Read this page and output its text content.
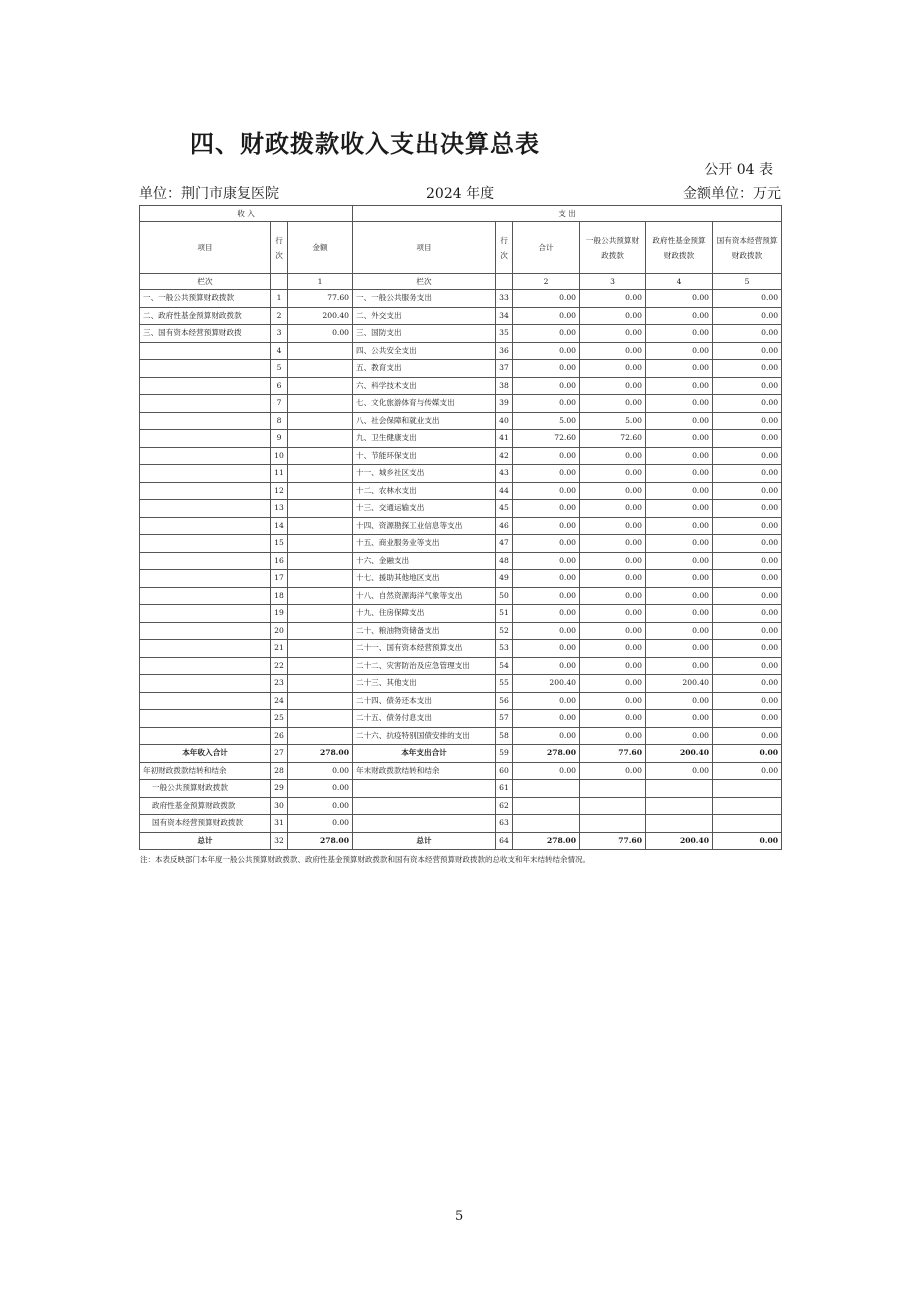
四、财政拨款收入支出决算总表
公开 04 表
单位：荆门市康复医院	2024 年度	金额单位：万元
收 入			支 出					
项目	行次	金额	项目	行次	合计	一般公共预算财政拨款	政府性基金预算财政拨款	国有资本经营预算财政拨款
栏次		1	栏次		2	3	4	5
一、一般公共预算财政拨款	1	77.60	一、一般公共服务支出	33	0.00	0.00	0.00	0.00
二、政府性基金预算财政拨款	2	200.40	二、外交支出	34	0.00	0.00	0.00	0.00
三、国有资本经营预算财政拨	3	0.00	三、国防支出	35	0.00	0.00	0.00	0.00
	4		四、公共安全支出	36	0.00	0.00	0.00	0.00
	5		五、教育支出	37	0.00	0.00	0.00	0.00
	6		六、科学技术支出	38	0.00	0.00	0.00	0.00
	7		七、文化旅游体育与传媒支出	39	0.00	0.00	0.00	0.00
	8		八、社会保障和就业支出	40	5.00	5.00	0.00	0.00
	9		九、卫生健康支出	41	72.60	72.60	0.00	0.00
	10		十、节能环保支出	42	0.00	0.00	0.00	0.00
	11		十一、城乡社区支出	43	0.00	0.00	0.00	0.00
	12		十二、农林水支出	44	0.00	0.00	0.00	0.00
	13		十三、交通运输支出	45	0.00	0.00	0.00	0.00
	14		十四、资源勘探工业信息等支出	46	0.00	0.00	0.00	0.00
	15		十五、商业服务业等支出	47	0.00	0.00	0.00	0.00
	16		十六、金融支出	48	0.00	0.00	0.00	0.00
	17		十七、援助其他地区支出	49	0.00	0.00	0.00	0.00
	18		十八、自然资源海洋气象等支出	50	0.00	0.00	0.00	0.00
	19		十九、住房保障支出	51	0.00	0.00	0.00	0.00
	20		二十、粮油物资储备支出	52	0.00	0.00	0.00	0.00
	21		二十一、国有资本经营预算支出	53	0.00	0.00	0.00	0.00
	22		二十二、灾害防治及应急管理支出	54	0.00	0.00	0.00	0.00
	23		二十三、其他支出	55	200.40	0.00	200.40	0.00
	24		二十四、债务还本支出	56	0.00	0.00	0.00	0.00
	25		二十五、债务付息支出	57	0.00	0.00	0.00	0.00
	26		二十六、抗疫特别国债安排的支出	58	0.00	0.00	0.00	0.00
本年收入合计	27	278.00	本年支出合计	59	278.00	77.60	200.40	0.00
年初财政拨款结转和结余	28	0.00	年末财政拨款结转和结余	60	0.00	0.00	0.00	0.00
一般公共预算财政拨款	29	0.00		61				
政府性基金预算财政拨款	30	0.00		62				
国有资本经营预算财政拨款	31	0.00		63				
总计	32	278.00	总计	64	278.00	77.60	200.40	0.00
注：本表反映部门本年度一般公共预算财政拨款、政府性基金预算财政拨款和国有资本经营预算财政拨款的总收支和年末结转结余情况。
5
